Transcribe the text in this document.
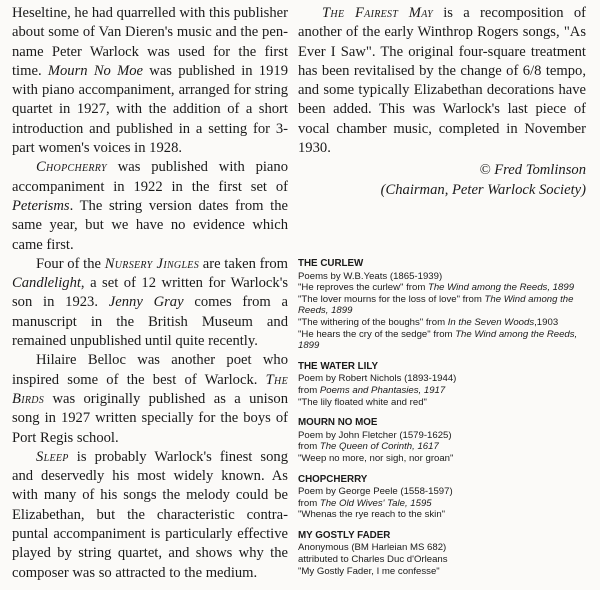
Heseltine, he had quarrelled with this publisher about some of Van Dieren's music and the pen-name Peter Warlock was used for the first time. Mourn No Moe was published in 1919 with piano accompaniment, arranged for string quartet in 1927, with the addition of a short introduction and published in a setting for 3-part women's voices in 1928.

Chopcherry was published with piano accompaniment in 1922 in the first set of Peterisms. The string version dates from the same year, but we have no evidence which came first.

Four of the Nursery Jingles are taken from Candlelight, a set of 12 written for Warlock's son in 1923. Jenny Gray comes from a manuscript in the British Museum and remained unpublished until quite recently.

Hilaire Belloc was another poet who inspired some of the best of Warlock. The Birds was originally published as a unison song in 1927 written specially for the boys of Port Regis school.

Sleep is probably Warlock's finest song and deservedly his most widely known. As with many of his songs the melody could be Elizabethan, but the characteristic contra-puntal accompaniment is particularly effective played by string quartet, and shows why the composer was so attracted to the medium.

The Fairest May is a recomposition of another of the early Winthrop Rogers songs, "As Ever I Saw". The original four-square treatment has been revitalised by the change of 6/8 tempo, and some typically Elizabethan decorations have been added. This was Warlock's last piece of vocal chamber music, completed in November 1930.

© Fred Tomlinson
(Chairman, Peter Warlock Society)
THE CURLEW
Poems by W.B.Yeats (1865-1939)
"He reproves the curlew" from The Wind among the Reeds, 1899
"The lover mourns for the loss of love" from The Wind among the Reeds, 1899
"The withering of the boughs" from In the Seven Woods,1903
"He hears the cry of the sedge" from The Wind among the Reeds, 1899
THE WATER LILY
Poem by Robert Nichols (1893-1944)
from Poems and Phantasies, 1917
"The lily floated white and red"
MOURN NO MOE
Poem by John Fletcher (1579-1625)
from The Queen of Corinth, 1617
"Weep no more, nor sigh, nor groan"
CHOPCHERRY
Poem by George Peele (1558-1597)
from The Old Wives' Tale, 1595
"Whenas the rye reach to the skin"
MY GOSTLY FADER
Anonymous (BM Harleian MS 682)
attributed to Charles Duc d'Orleans
"My Gostly Fader, I me confesse"
